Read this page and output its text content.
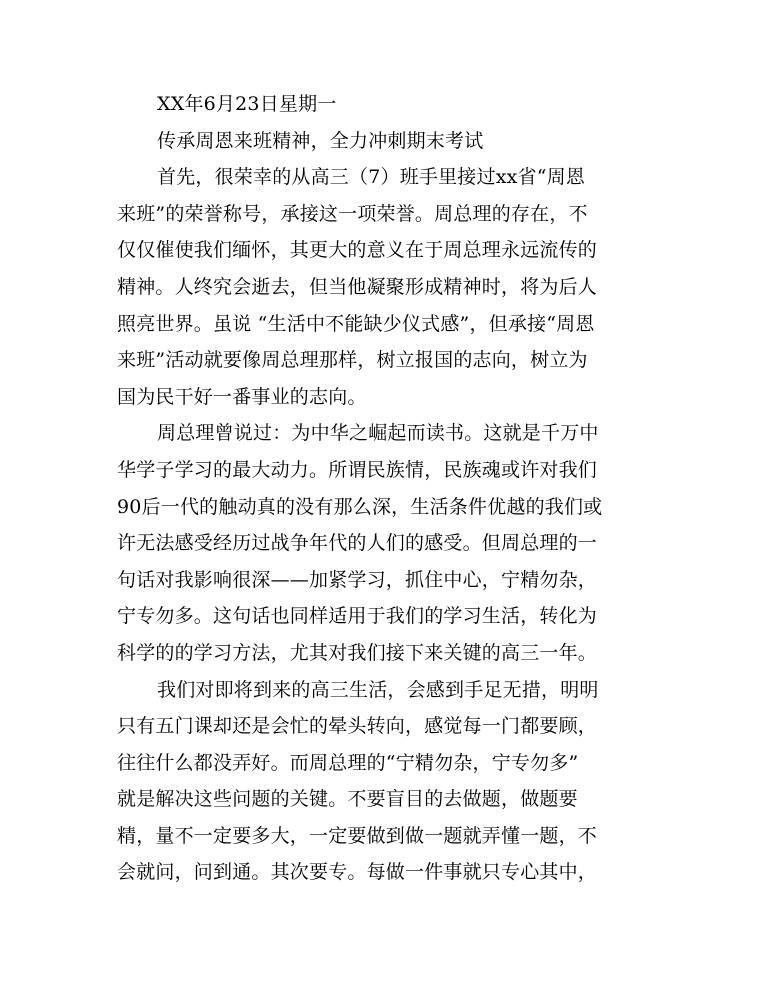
XX年6月23日星期一
传承周恩来班精神，全力冲刺期末考试
首先，很荣幸的从高三（7）班手里接过xx省“周恩
来班”的荣誉称号，承接这一项荣誉。周总理的存在，不
仅仅催使我们缅怀，其更大的意义在于周总理永远流传的
精神。人终究会逝去，但当他凝聚形成精神时，将为后人
照亮世界。虽说 “生活中不能缺少仪式感”，但承接“周恩
来班”活动就要像周总理那样，树立报国的志向，树立为
国为民干好一番事业的志向。
周总理曾说过：为中华之崛起而读书。这就是千万中
华学子学习的最大动力。所谓民族情，民族魂或许对我们
90后一代的触动真的没有那么深，生活条件优越的我们或
许无法感受经历过战争年代的人们的感受。但周总理的一
句话对我影响很深——加紧学习，抓住中心，宁精勿杂，
宁专勿多。这句话也同样适用于我们的学习生活，转化为
科学的的学习方法，尤其对我们接下来关键的高三一年。
我们对即将到来的高三生活，会感到手足无措，明明
只有五门课却还是会忙的晕头转向，感觉每一门都要顾，
往往什么都没弄好。而周总理的“宁精勿杂，宁专勿多”
就是解决这些问题的关键。不要盲目的去做题，做题要
精，量不一定要多大，一定要做到做一题就弄懂一题，不
会就问，问到通。其次要专。每做一件事就只专心其中，
